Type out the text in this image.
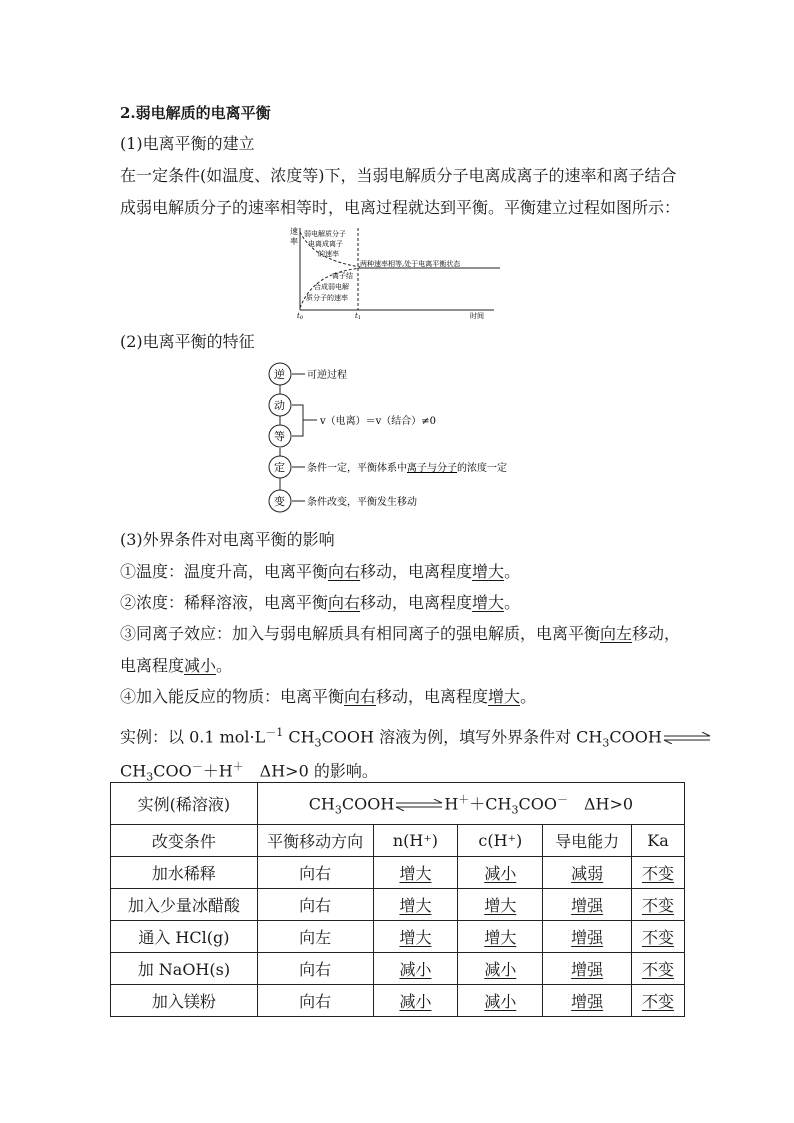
2.弱电解质的电离平衡
(1)电离平衡的建立
在一定条件(如温度、浓度等)下，当弱电解质分子电离成离子的速率和离子结合
成弱电解质分子的速率相等时，电离过程就达到平衡。平衡建立过程如图所示：
速
率
弱电解质分子
电离成离子
的速率
两种速率相等,处于电离平衡状态
离子结
合成弱电解
质分子的速率
t0	t1	时间
(2)电离平衡的特征
逆
动
等
定
变
可逆过程
v（电离）＝v（结合）≠0
条件一定，平衡体系中离子与分子的浓度一定
条件改变，平衡发生移动
(3)外界条件对电离平衡的影响
①温度：温度升高，电离平衡向右移动，电离程度增大。
②浓度：稀释溶液，电离平衡向右移动，电离程度增大。
③同离子效应：加入与弱电解质具有相同离子的强电解质，电离平衡向左移动，
电离程度减小。
④加入能反应的物质：电离平衡向右移动，电离程度增大。
实例：以 0.1 $mol\cdot L^{-1}$ $CH_3COOH$ 溶液为例，填写外界条件对 $CH_3COOH\rightleftharpoons$
$CH_3COO^-+H^+$　ΔH>0 的影响。
实例(稀溶液)	$CH_3COOH\rightleftharpoons H^++CH_3COO^-$　ΔH>0				
改变条件	平衡移动方向	n(H⁺)	c(H⁺)	导电能力	Ka
加水稀释	向右	增大	减小	减弱	不变
加入少量冰醋酸	向右	增大	增大	增强	不变
通入 HCl(g)	向左	增大	增大	增强	不变
加 NaOH(s)	向右	减小	减小	增强	不变
加入镁粉	向右	减小	减小	增强	不变
